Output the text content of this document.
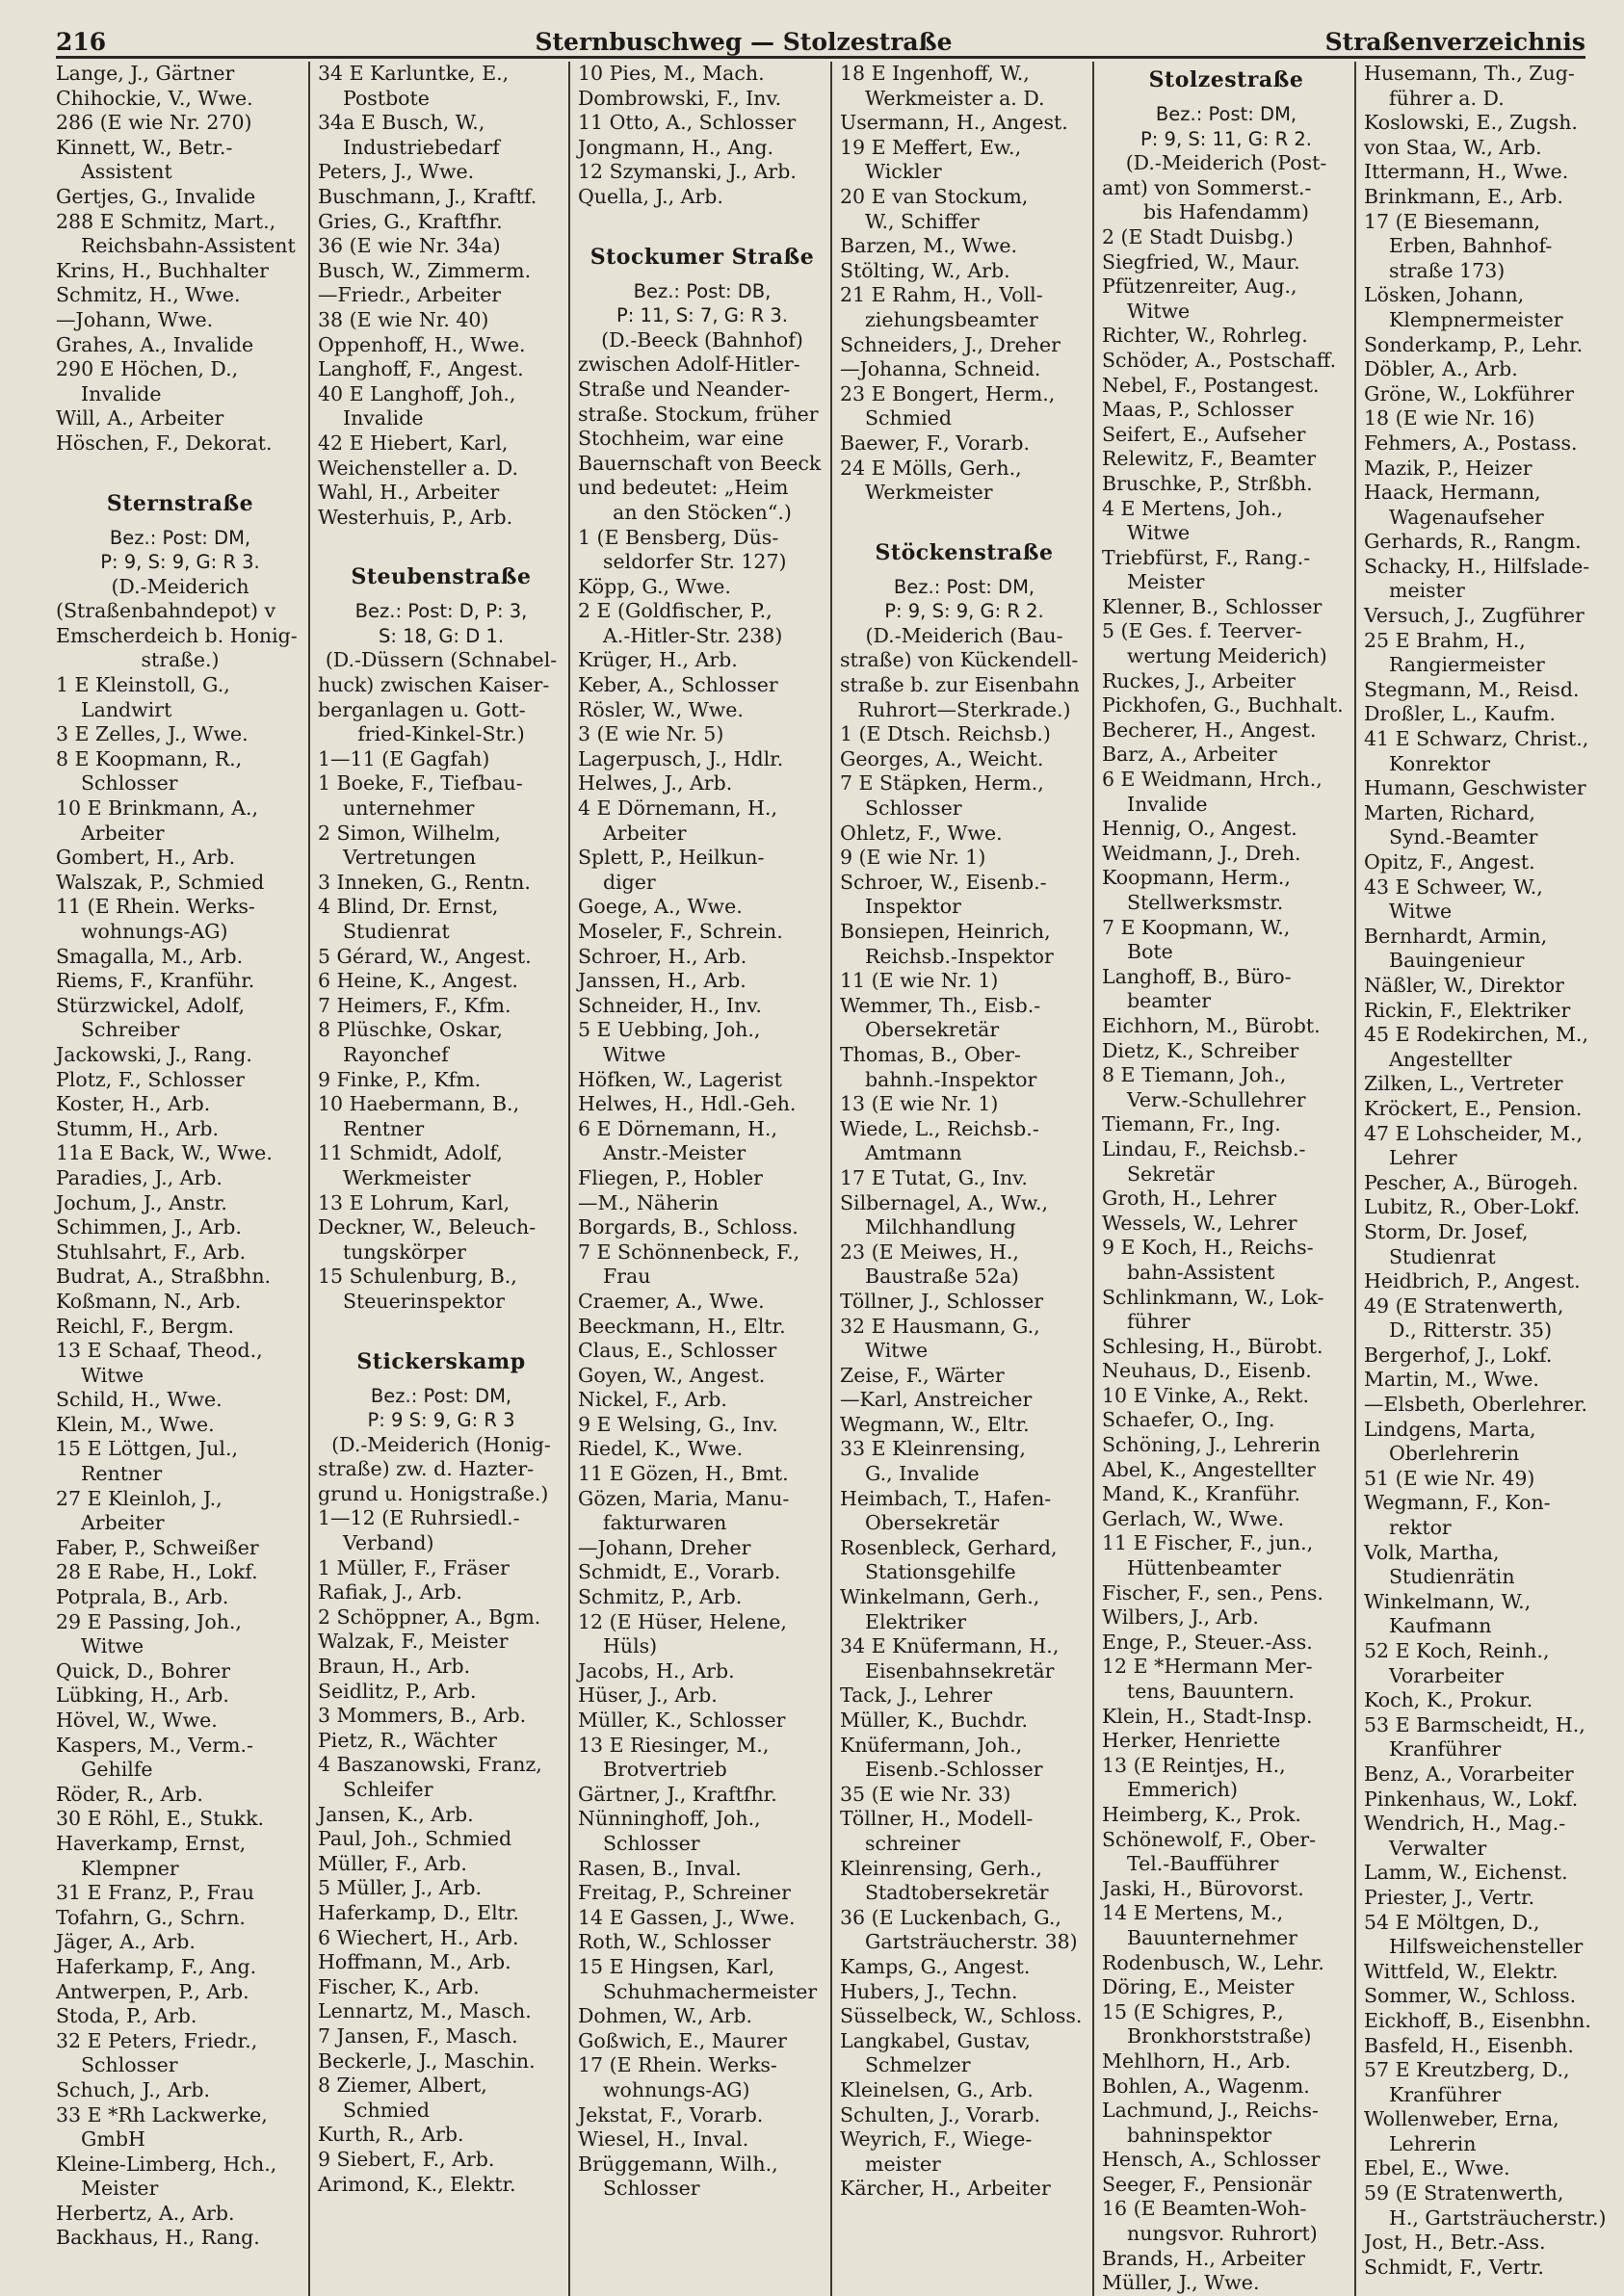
216	Sternbuschweg — Stolzestraße	Straßenverzeichnis
Lange, J., Gärtner
Chihockie, V., Wwe.
286 (E wie Nr. 270)
Kinnett, W., Betr.-
Assistent
Gertjes, G., Invalide
288 E Schmitz, Mart.,
Reichsbahn-Assistent
Krins, H., Buchhalter
Schmitz, H., Wwe.
—Johann, Wwe.
Grahes, A., Invalide
290 E Höchen, D.,
Invalide
Will, A., Arbeiter
Höschen, F., Dekorat.
Sternstraße
Bez.: Post: DM,
P: 9, S: 9, G: R 3.
(D.-Meiderich
(Straßenbahndepot) v
Emscherdeich b. Honig-
straße.)
1 E Kleinstoll, G.,
Landwirt
3 E Zelles, J., Wwe.
8 E Koopmann, R.,
Schlosser
10 E Brinkmann, A.,
Arbeiter
Gombert, H., Arb.
Walszak, P., Schmied
11 (E Rhein. Werks-
wohnungs-AG)
Smagalla, M., Arb.
Riems, F., Kranführ.
Stürzwickel, Adolf,
Schreiber
Jackowski, J., Rang.
Plotz, F., Schlosser
Koster, H., Arb.
Stumm, H., Arb.
11a E Back, W., Wwe.
Paradies, J., Arb.
Jochum, J., Anstr.
Schimmen, J., Arb.
Stuhlsahrt, F., Arb.
Budrat, A., Straßbhn.
Koßmann, N., Arb.
Reichl, F., Bergm.
13 E Schaaf, Theod.,
Witwe
Schild, H., Wwe.
Klein, M., Wwe.
15 E Löttgen, Jul.,
Rentner
27 E Kleinloh, J.,
Arbeiter
Faber, P., Schweißer
28 E Rabe, H., Lokf.
Potprala, B., Arb.
29 E Passing, Joh.,
Witwe
Quick, D., Bohrer
Lübking, H., Arb.
Hövel, W., Wwe.
Kaspers, M., Verm.-
Gehilfe
Röder, R., Arb.
30 E Röhl, E., Stukk.
Haverkamp, Ernst,
Klempner
31 E Franz, P., Frau
Tofahrn, G., Schrn.
Jäger, A., Arb.
Haferkamp, F., Ang.
Antwerpen, P., Arb.
Stoda, P., Arb.
32 E Peters, Friedr.,
Schlosser
Schuch, J., Arb.
33 E *Rh Lackwerke,
GmbH
Kleine-Limberg, Hch.,
Meister
Herbertz, A., Arb.
Backhaus, H., Rang.
34 E Karluntke, E.,
Postbote
34a E Busch, W.,
Industriebedarf
Peters, J., Wwe.
Buschmann, J., Kraftf.
Gries, G., Kraftfhr.
36 (E wie Nr. 34a)
Busch, W., Zimmerm.
—Friedr., Arbeiter
38 (E wie Nr. 40)
Oppenhoff, H., Wwe.
Langhoff, F., Angest.
40 E Langhoff, Joh.,
Invalide
42 E Hiebert, Karl,
Weichensteller a. D.
Wahl, H., Arbeiter
Westerhuis, P., Arb.
Steubenstraße
Bez.: Post: D, P: 3,
S: 18, G: D 1.
(D.-Düssern (Schnabel-
huck) zwischen Kaiser-
berganlagen u. Gott-
fried-Kinkel-Str.)
1—11 (E Gagfah)
1 Boeke, F., Tiefbau-
unternehmer
2 Simon, Wilhelm,
Vertretungen
3 Inneken, G., Rentn.
4 Blind, Dr. Ernst,
Studienrat
5 Gérard, W., Angest.
6 Heine, K., Angest.
7 Heimers, F., Kfm.
8 Plüschke, Oskar,
Rayonchef
9 Finke, P., Kfm.
10 Haebermann, B.,
Rentner
11 Schmidt, Adolf,
Werkmeister
13 E Lohrum, Karl,
Deckner, W., Beleuch-
tungskörper
15 Schulenburg, B.,
Steuerinspektor
Stickerskamp
Bez.: Post: DM,
P: 9 S: 9, G: R 3
(D.-Meiderich (Honig-
straße) zw. d. Hazter-
grund u. Honigstraße.)
1—12 (E Ruhrsiedl.-
Verband)
1 Müller, F., Fräser
Rafiak, J., Arb.
2 Schöppner, A., Bgm.
Walzak, F., Meister
Braun, H., Arb.
Seidlitz, P., Arb.
3 Mommers, B., Arb.
Pietz, R., Wächter
4 Baszanowski, Franz,
Schleifer
Jansen, K., Arb.
Paul, Joh., Schmied
Müller, F., Arb.
5 Müller, J., Arb.
Haferkamp, D., Eltr.
6 Wiechert, H., Arb.
Hoffmann, M., Arb.
Fischer, K., Arb.
Lennartz, M., Masch.
7 Jansen, F., Masch.
Beckerle, J., Maschin.
8 Ziemer, Albert,
Schmied
Kurth, R., Arb.
9 Siebert, F., Arb.
Arimond, K., Elektr.
10 Pies, M., Mach.
Dombrowski, F., Inv.
11 Otto, A., Schlosser
Jongmann, H., Ang.
12 Szymanski, J., Arb.
Quella, J., Arb.
Stockumer Straße
Bez.: Post: DB,
P: 11, S: 7, G: R 3.
(D.-Beeck (Bahnhof)
zwischen Adolf-Hitler-
Straße und Neander-
straße. Stockum, früher
Stochheim, war eine
Bauernschaft von Beeck
und bedeutet: „Heim
an den Stöcken“.)
1 (E Bensberg, Düs-
seldorfer Str. 127)
Köpp, G., Wwe.
2 E (Goldfischer, P.,
A.-Hitler-Str. 238)
Krüger, H., Arb.
Keber, A., Schlosser
Rösler, W., Wwe.
3 (E wie Nr. 5)
Lagerpusch, J., Hdlr.
Helwes, J., Arb.
4 E Dörnemann, H.,
Arbeiter
Splett, P., Heilkun-
diger
Goege, A., Wwe.
Moseler, F., Schrein.
Schroer, H., Arb.
Janssen, H., Arb.
Schneider, H., Inv.
5 E Uebbing, Joh.,
Witwe
Höfken, W., Lagerist
Helwes, H., Hdl.-Geh.
6 E Dörnemann, H.,
Anstr.-Meister
Fliegen, P., Hobler
—M., Näherin
Borgards, B., Schloss.
7 E Schönnenbeck, F.,
Frau
Craemer, A., Wwe.
Beeckmann, H., Eltr.
Claus, E., Schlosser
Goyen, W., Angest.
Nickel, F., Arb.
9 E Welsing, G., Inv.
Riedel, K., Wwe.
11 E Gözen, H., Bmt.
Gözen, Maria, Manu-
fakturwaren
—Johann, Dreher
Schmidt, E., Vorarb.
Schmitz, P., Arb.
12 (E Hüser, Helene,
Hüls)
Jacobs, H., Arb.
Hüser, J., Arb.
Müller, K., Schlosser
13 E Riesinger, M.,
Brotvertrieb
Gärtner, J., Kraftfhr.
Nünninghoff, Joh.,
Schlosser
Rasen, B., Inval.
Freitag, P., Schreiner
14 E Gassen, J., Wwe.
Roth, W., Schlosser
15 E Hingsen, Karl,
Schuhmachermeister
Dohmen, W., Arb.
Goßwich, E., Maurer
17 (E Rhein. Werks-
wohnungs-AG)
Jekstat, F., Vorarb.
Wiesel, H., Inval.
Brüggemann, Wilh.,
Schlosser
18 E Ingenhoff, W.,
Werkmeister a. D.
Usermann, H., Angest.
19 E Meffert, Ew.,
Wickler
20 E van Stockum,
W., Schiffer
Barzen, M., Wwe.
Stölting, W., Arb.
21 E Rahm, H., Voll-
ziehungsbeamter
Schneiders, J., Dreher
—Johanna, Schneid.
23 E Bongert, Herm.,
Schmied
Baewer, F., Vorarb.
24 E Mölls, Gerh.,
Werkmeister
Stöckenstraße
Bez.: Post: DM,
P: 9, S: 9, G: R 2.
(D.-Meiderich (Bau-
straße) von Kückendell-
straße b. zur Eisenbahn
Ruhrort—Sterkrade.)
1 (E Dtsch. Reichsb.)
Georges, A., Weicht.
7 E Stäpken, Herm.,
Schlosser
Ohletz, F., Wwe.
9 (E wie Nr. 1)
Schroer, W., Eisenb.-
Inspektor
Bonsiepen, Heinrich,
Reichsb.-Inspektor
11 (E wie Nr. 1)
Wemmer, Th., Eisb.-
Obersekretär
Thomas, B., Ober-
bahnh.-Inspektor
13 (E wie Nr. 1)
Wiede, L., Reichsb.-
Amtmann
17 E Tutat, G., Inv.
Silbernagel, A., Ww.,
Milchhandlung
23 (E Meiwes, H.,
Baustraße 52a)
Töllner, J., Schlosser
32 E Hausmann, G.,
Witwe
Zeise, F., Wärter
—Karl, Anstreicher
Wegmann, W., Eltr.
33 E Kleinrensing,
G., Invalide
Heimbach, T., Hafen-
Obersekretär
Rosenbleck, Gerhard,
Stationsgehilfe
Winkelmann, Gerh.,
Elektriker
34 E Knüfermann, H.,
Eisenbahnsekretär
Tack, J., Lehrer
Müller, K., Buchdr.
Knüfermann, Joh.,
Eisenb.-Schlosser
35 (E wie Nr. 33)
Töllner, H., Modell-
schreiner
Kleinrensing, Gerh.,
Stadtobersekretär
36 (E Luckenbach, G.,
Gartsträucherstr. 38)
Kamps, G., Angest.
Hubers, J., Techn.
Süsselbeck, W., Schloss.
Langkabel, Gustav,
Schmelzer
Kleinelsen, G., Arb.
Schulten, J., Vorarb.
Weyrich, F., Wiege-
meister
Kärcher, H., Arbeiter
Stolzestraße
Bez.: Post: DM,
P: 9, S: 11, G: R 2.
(D.-Meiderich (Post-
amt) von Sommerst.-
bis Hafendamm)
2 (E Stadt Duisbg.)
Siegfried, W., Maur.
Pfützenreiter, Aug.,
Witwe
Richter, W., Rohrleg.
Schöder, A., Postschaff.
Nebel, F., Postangest.
Maas, P., Schlosser
Seifert, E., Aufseher
Relewitz, F., Beamter
Bruschke, P., Strßbh.
4 E Mertens, Joh.,
Witwe
Triebfürst, F., Rang.-
Meister
Klenner, B., Schlosser
5 (E Ges. f. Teerver-
wertung Meiderich)
Ruckes, J., Arbeiter
Pickhofen, G., Buchhalt.
Becherer, H., Angest.
Barz, A., Arbeiter
6 E Weidmann, Hrch.,
Invalide
Hennig, O., Angest.
Weidmann, J., Dreh.
Koopmann, Herm.,
Stellwerksmstr.
7 E Koopmann, W.,
Bote
Langhoff, B., Büro-
beamter
Eichhorn, M., Bürobt.
Dietz, K., Schreiber
8 E Tiemann, Joh.,
Verw.-Schullehrer
Tiemann, Fr., Ing.
Lindau, F., Reichsb.-
Sekretär
Groth, H., Lehrer
Wessels, W., Lehrer
9 E Koch, H., Reichs-
bahn-Assistent
Schlinkmann, W., Lok-
führer
Schlesing, H., Bürobt.
Neuhaus, D., Eisenb.
10 E Vinke, A., Rekt.
Schaefer, O., Ing.
Schöning, J., Lehrerin
Abel, K., Angestellter
Mand, K., Kranführ.
Gerlach, W., Wwe.
11 E Fischer, F., jun.,
Hüttenbeamter
Fischer, F., sen., Pens.
Wilbers, J., Arb.
Enge, P., Steuer.-Ass.
12 E *Hermann Mer-
tens, Bauuntern.
Klein, H., Stadt-Insp.
Herker, Henriette
13 (E Reintjes, H.,
Emmerich)
Heimberg, K., Prok.
Schönewolf, F., Ober-
Tel.-Baufführer
Jaski, H., Bürovorst.
14 E Mertens, M.,
Bauunternehmer
Rodenbusch, W., Lehr.
Döring, E., Meister
15 (E Schigres, P.,
Bronkhorststraße)
Mehlhorn, H., Arb.
Bohlen, A., Wagenm.
Lachmund, J., Reichs-
bahninspektor
Hensch, A., Schlosser
Seeger, F., Pensionär
16 (E Beamten-Woh-
nungsvor. Ruhrort)
Brands, H., Arbeiter
Müller, J., Wwe.
Husemann, Th., Zug-
führer a. D.
Koslowski, E., Zugsh.
von Staa, W., Arb.
Ittermann, H., Wwe.
Brinkmann, E., Arb.
17 (E Biesemann,
Erben, Bahnhof-
straße 173)
Lösken, Johann,
Klempnermeister
Sonderkamp, P., Lehr.
Döbler, A., Arb.
Gröne, W., Lokführer
18 (E wie Nr. 16)
Fehmers, A., Postass.
Mazik, P., Heizer
Haack, Hermann,
Wagenaufseher
Gerhards, R., Rangm.
Schacky, H., Hilfslade-
meister
Versuch, J., Zugführer
25 E Brahm, H.,
Rangiermeister
Stegmann, M., Reisd.
Droßler, L., Kaufm.
41 E Schwarz, Christ.,
Konrektor
Humann, Geschwister
Marten, Richard,
Synd.-Beamter
Opitz, F., Angest.
43 E Schweer, W.,
Witwe
Bernhardt, Armin,
Bauingenieur
Näßler, W., Direktor
Rickin, F., Elektriker
45 E Rodekirchen, M.,
Angestellter
Zilken, L., Vertreter
Kröckert, E., Pension.
47 E Lohscheider, M.,
Lehrer
Pescher, A., Bürogeh.
Lubitz, R., Ober-Lokf.
Storm, Dr. Josef,
Studienrat
Heidbrich, P., Angest.
49 (E Stratenwerth,
D., Ritterstr. 35)
Bergerhof, J., Lokf.
Martin, M., Wwe.
—Elsbeth, Oberlehrer.
Lindgens, Marta,
Oberlehrerin
51 (E wie Nr. 49)
Wegmann, F., Kon-
rektor
Volk, Martha,
Studienrätin
Winkelmann, W.,
Kaufmann
52 E Koch, Reinh.,
Vorarbeiter
Koch, K., Prokur.
53 E Barmscheidt, H.,
Kranführer
Benz, A., Vorarbeiter
Pinkenhaus, W., Lokf.
Wendrich, H., Mag.-
Verwalter
Lamm, W., Eichenst.
Priester, J., Vertr.
54 E Möltgen, D.,
Hilfsweichensteller
Wittfeld, W., Elektr.
Sommer, W., Schloss.
Eickhoff, B., Eisenbhn.
Basfeld, H., Eisenbh.
57 E Kreutzberg, D.,
Kranführer
Wollenweber, Erna,
Lehrerin
Ebel, E., Wwe.
59 (E Stratenwerth,
H., Gartsträucherstr.)
Jost, H., Betr.-Ass.
Schmidt, F., Vertr.
